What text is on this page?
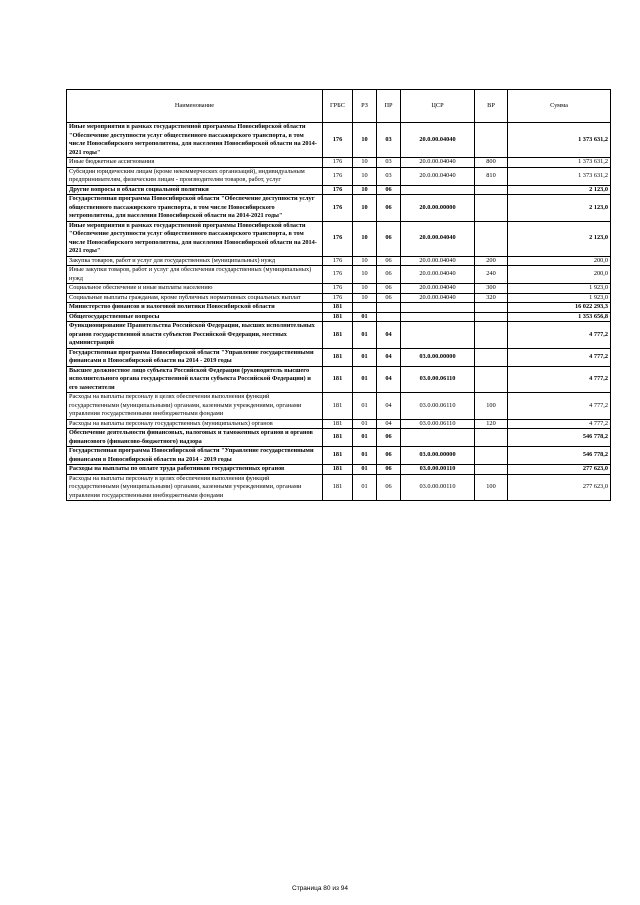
Наименование	ГРБС	РЗ	ПР	ЦСР	ВР	Сумма
Иные мероприятия в рамках государственной программы Новосибирской области "Обеспечение доступности услуг общественного пассажирского транспорта, в том числе Новосибирского метрополитена, для населения Новосибирской области на 2014-2021 годы"	176	10	03	20.0.00.04040		1 373 631,2
Иные бюджетные ассигнования	176	10	03	20.0.00.04040	800	1 373 631,2
Субсидии юридическим лицам (кроме некоммерческих организаций), индивидуальным предпринимателям, физическим лицам - производителям товаров, работ, услуг	176	10	03	20.0.00.04040	810	1 373 631,2
Другие вопросы в области социальной политики	176	10	06			2 123,0
Государственная программа Новосибирской области "Обеспечение доступности услуг общественного пассажирского транспорта, в том числе Новосибирского метрополитена, для населения Новосибирской области на 2014-2021 годы"	176	10	06	20.0.00.00000		2 123,0
Иные мероприятия в рамках государственной программы Новосибирской области "Обеспечение доступности услуг общественного пассажирского транспорта, в том числе Новосибирского метрополитена, для населения Новосибирской области на 2014-2021 годы"	176	10	06	20.0.00.04040		2 123,0
Закупка товаров, работ и услуг для государственных (муниципальных) нужд	176	10	06	20.0.00.04040	200	200,0
Иные закупки товаров, работ и услуг для обеспечения государственных (муниципальных) нужд	176	10	06	20.0.00.04040	240	200,0
Социальное обеспечение и иные выплаты населению	176	10	06	20.0.00.04040	300	1 923,0
Социальные выплаты гражданам, кроме публичных нормативных социальных выплат	176	10	06	20.0.00.04040	320	1 923,0
Министерство финансов и налоговой политики Новосибирской области	181					16 022 293,3
Общегосударственные вопросы	181	01				1 353 656,8
Функционирование Правительства Российской Федерации, высших исполнительных органов государственной власти субъектов Российской Федерации, местных администраций	181	01	04			4 777,2
Государственная программа Новосибирской области "Управление государственными финансами в Новосибирской области на 2014 - 2019 годы	181	01	04	03.0.00.00000		4 777,2
Высшее должностное лицо субъекта Российской Федерации (руководитель высшего исполнительного органа государственной власти субъекта Российской Федерации) и его заместители	181	01	04	03.0.00.06110		4 777,2
Расходы на выплаты персоналу в целях обеспечения выполнения функций государственными (муниципальными) органами, казенными учреждениями, органами управления государственными внебюджетными фондами	181	01	04	03.0.00.06110	100	4 777,2
Расходы на выплаты персоналу государственных (муниципальных) органов	181	01	04	03.0.00.06110	120	4 777,2
Обеспечение деятельности финансовых, налоговых и таможенных органов и органов финансового (финансово-бюджетного) надзора	181	01	06			546 778,2
Государственная программа Новосибирской области "Управление государственными финансами в Новосибирской области на 2014 - 2019 годы	181	01	06	03.0.00.00000		546 778,2
Расходы на выплаты по оплате труда работников государственных органов	181	01	06	03.0.00.00110		277 623,0
Расходы на выплаты персоналу в целях обеспечения выполнения функций государственными (муниципальными) органами, казенными учреждениями, органами управления государственными внебюджетными фондами	181	01	06	03.0.00.00110	100	277 623,0
Страница 80 из 94
